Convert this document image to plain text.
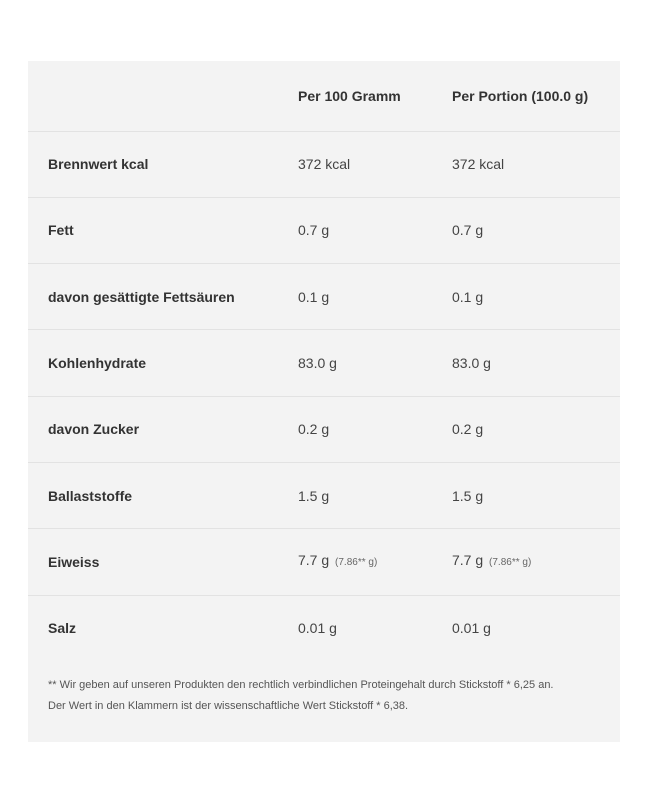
	Per 100 Gramm	Per Portion (100.0 g)
Brennwert kcal	372 kcal	372 kcal
Fett	0.7 g	0.7 g
davon gesättigte Fettsäuren	0.1 g	0.1 g
Kohlenhydrate	83.0 g	83.0 g
davon Zucker	0.2 g	0.2 g
Ballaststoffe	1.5 g	1.5 g
Eiweiss	7.7 g (7.86** g)	7.7 g (7.86** g)
Salz	0.01 g	0.01 g

** Wir geben auf unseren Produkten den rechtlich verbindlichen Proteingehalt durch Stickstoff * 6,25 an.

Der Wert in den Klammern ist der wissenschaftliche Wert Stickstoff * 6,38.
